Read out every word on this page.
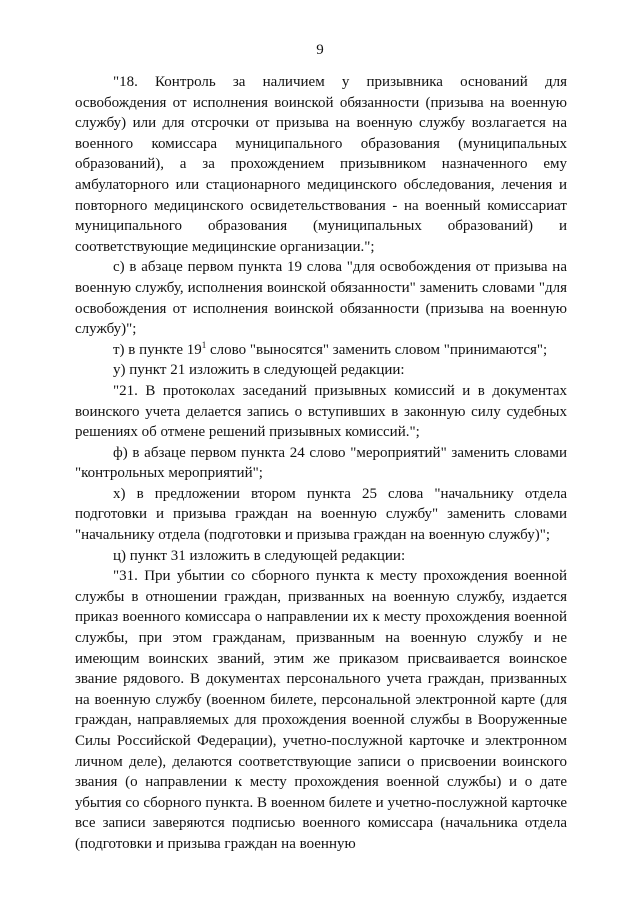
9

"18. Контроль за наличием у призывника оснований для освобождения от исполнения воинской обязанности (призыва на военную службу) или для отсрочки от призыва на военную службу возлагается на военного комиссара муниципального образования (муниципальных образований), а за прохождением призывником назначенного ему амбулаторного или стационарного медицинского обследования, лечения и повторного медицинского освидетельствования - на военный комиссариат муниципального образования (муниципальных образований) и соответствующие медицинские организации.";

с) в абзаце первом пункта 19 слова "для освобождения от призыва на военную службу, исполнения воинской обязанности" заменить словами "для освобождения от исполнения воинской обязанности (призыва на военную службу)";

т) в пункте $19^1$ слово "выносятся" заменить словом "принимаются";

у) пункт 21 изложить в следующей редакции:

"21. В протоколах заседаний призывных комиссий и в документах воинского учета делается запись о вступивших в законную силу судебных решениях об отмене решений призывных комиссий.";

ф) в абзаце первом пункта 24 слово "мероприятий" заменить словами "контрольных мероприятий";

х) в предложении втором пункта 25 слова "начальнику отдела подготовки и призыва граждан на военную службу" заменить словами "начальнику отдела (подготовки и призыва граждан на военную службу)";

ц) пункт 31 изложить в следующей редакции:

"31. При убытии со сборного пункта к месту прохождения военной службы в отношении граждан, призванных на военную службу, издается приказ военного комиссара о направлении их к месту прохождения военной службы, при этом гражданам, призванным на военную службу и не имеющим воинских званий, этим же приказом присваивается воинское звание рядового. В документах персонального учета граждан, призванных на военную службу (военном билете, персональной электронной карте (для граждан, направляемых для прохождения военной службы в Вооруженные Силы Российской Федерации), учетно-послужной карточке и электронном личном деле), делаются соответствующие записи о присвоении воинского звания (о направлении к месту прохождения военной службы) и о дате убытия со сборного пункта. В военном билете и учетно-послужной карточке все записи заверяются подписью военного комиссара (начальника отдела (подготовки и призыва граждан на военную
